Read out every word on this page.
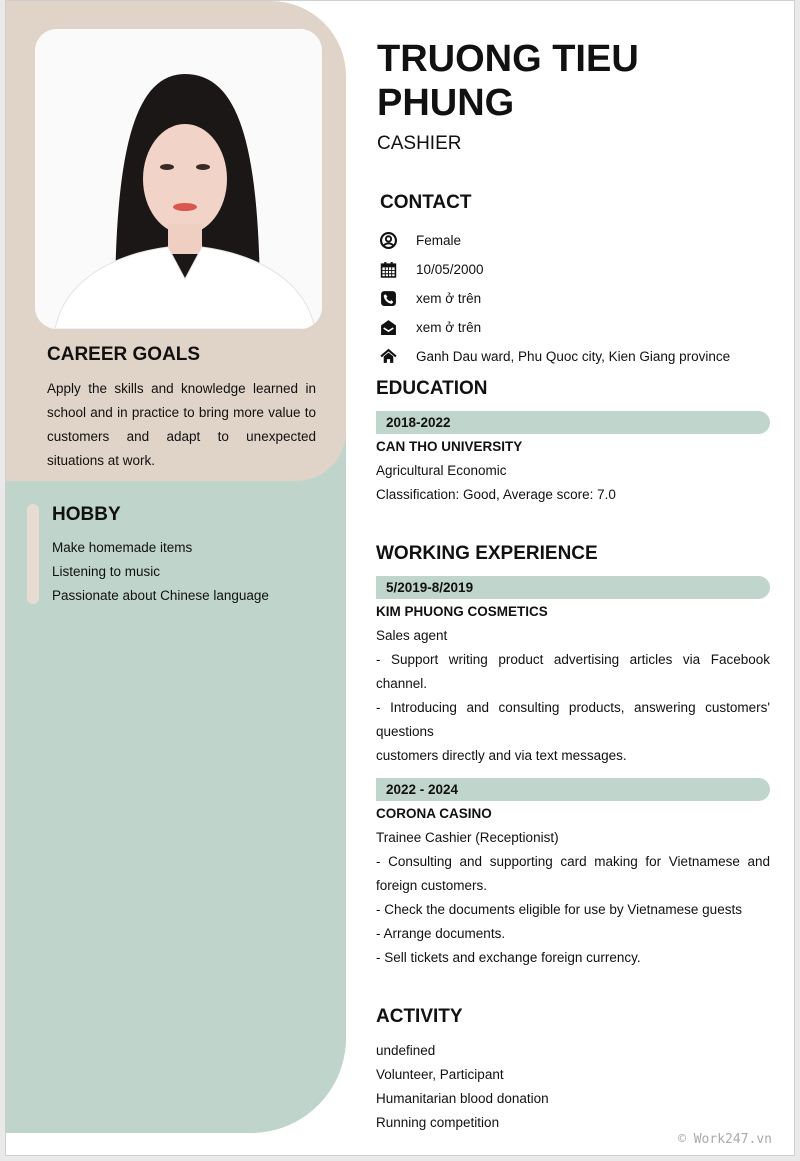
CAREER GOALS
Apply the skills and knowledge learned in school and in practice to bring more value to customers and adapt to unexpected situations at work.
HOBBY
Make homemade items
Listening to music
Passionate about Chinese language
TRUONG TIEU PHUNG
CASHIER
CONTACT
Female
10/05/2000
xem ở trên
xem ở trên
Ganh Dau ward, Phu Quoc city, Kien Giang province
EDUCATION
2018-2022
CAN THO UNIVERSITY
Agricultural Economic
Classification: Good, Average score: 7.0
WORKING EXPERIENCE
5/2019-8/2019
KIM PHUONG COSMETICS
Sales agent
- Support writing product advertising articles via Facebook channel.
- Introducing and consulting products, answering customers' questions
customers directly and via text messages.
2022 - 2024
CORONA CASINO
Trainee Cashier (Receptionist)
- Consulting and supporting card making for Vietnamese and foreign customers.
- Check the documents eligible for use by Vietnamese guests
- Arrange documents.
- Sell tickets and exchange foreign currency.
ACTIVITY
undefined
Volunteer, Participant
Humanitarian blood donation
Running competition
© Work247.vn
